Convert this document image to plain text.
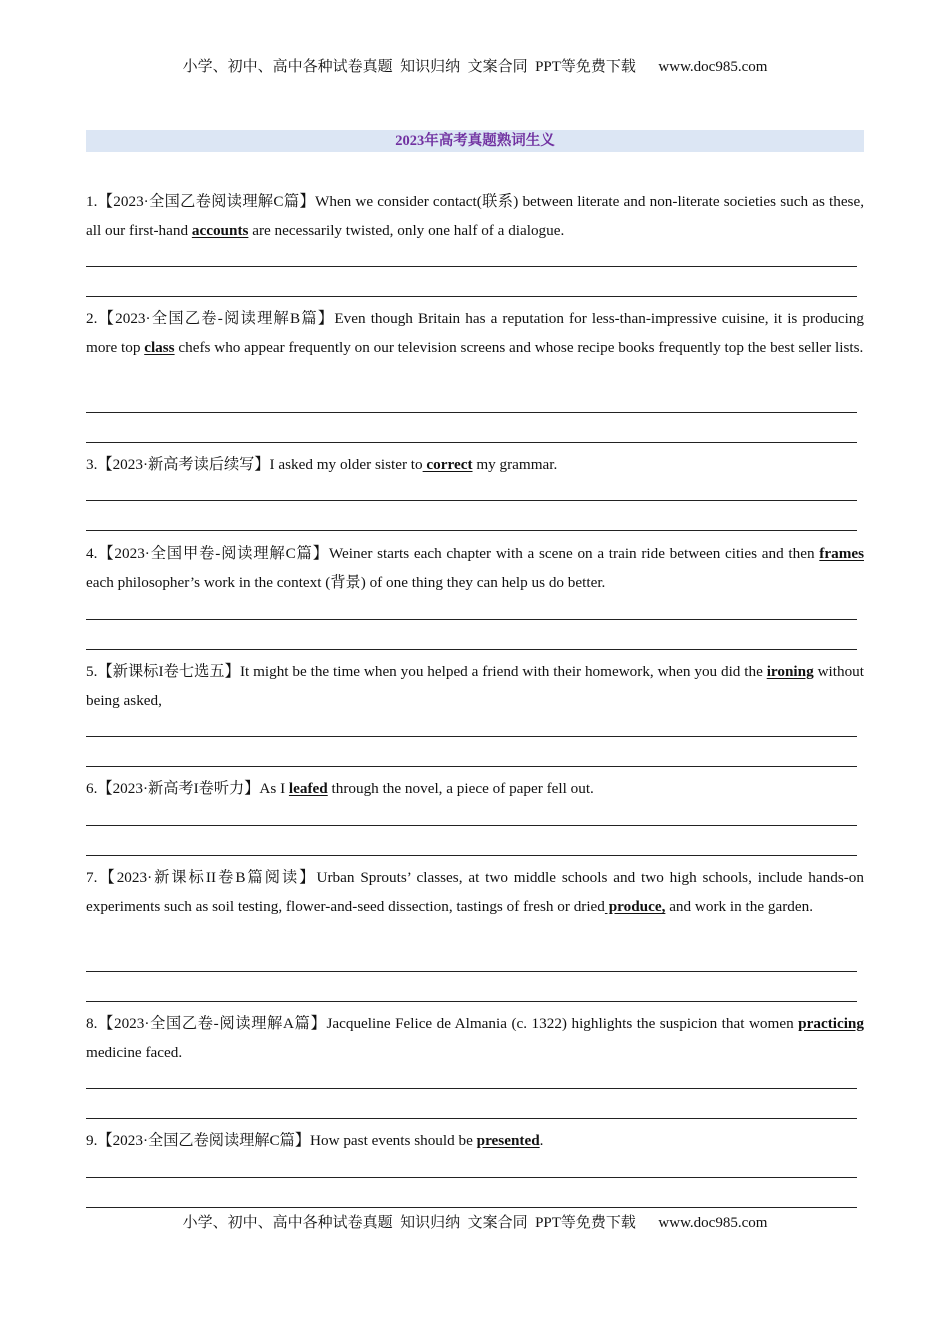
小学、初中、高中各种试卷真题  知识归纳  文案合同  PPT等免费下载      www.doc985.com
2023年高考真题熟词生义
1.【2023·全国乙卷阅读理解C篇】When we consider contact(联系) between literate and non-literate societies such as these, all our first-hand accounts are necessarily twisted, only one half of a dialogue.
2.【2023·全国乙卷-阅读理解B篇】Even though Britain has a reputation for less-than-impressive cuisine, it is producing more top class chefs who appear frequently on our television screens and whose recipe books frequently top the best seller lists.
3.【2023·新高考读后续写】I asked my older sister to correct my grammar.
4.【2023·全国甲卷-阅读理解C篇】Weiner starts each chapter with a scene on a train ride between cities and then frames each philosopher’s work in the context (背景) of one thing they can help us do better.
5.【新课标I卷七选五】It might be the time when you helped a friend with their homework, when you did the ironing without being asked,
6.【2023·新高考I卷听力】As I leafed through the novel, a piece of paper fell out.
7.【2023·新课标II卷B篇阅读】Urban Sprouts’ classes, at two middle schools and two high schools, include hands-on experiments such as soil testing, flower-and-seed dissection, tastings of fresh or dried produce, and work in the garden.
8.【2023·全国乙卷-阅读理解A篇】Jacqueline Felice de Almania (c. 1322) highlights the suspicion that women practicing medicine faced.
9.【2023·全国乙卷阅读理解C篇】How past events should be presented.
小学、初中、高中各种试卷真题  知识归纳  文案合同  PPT等免费下载      www.doc985.com
